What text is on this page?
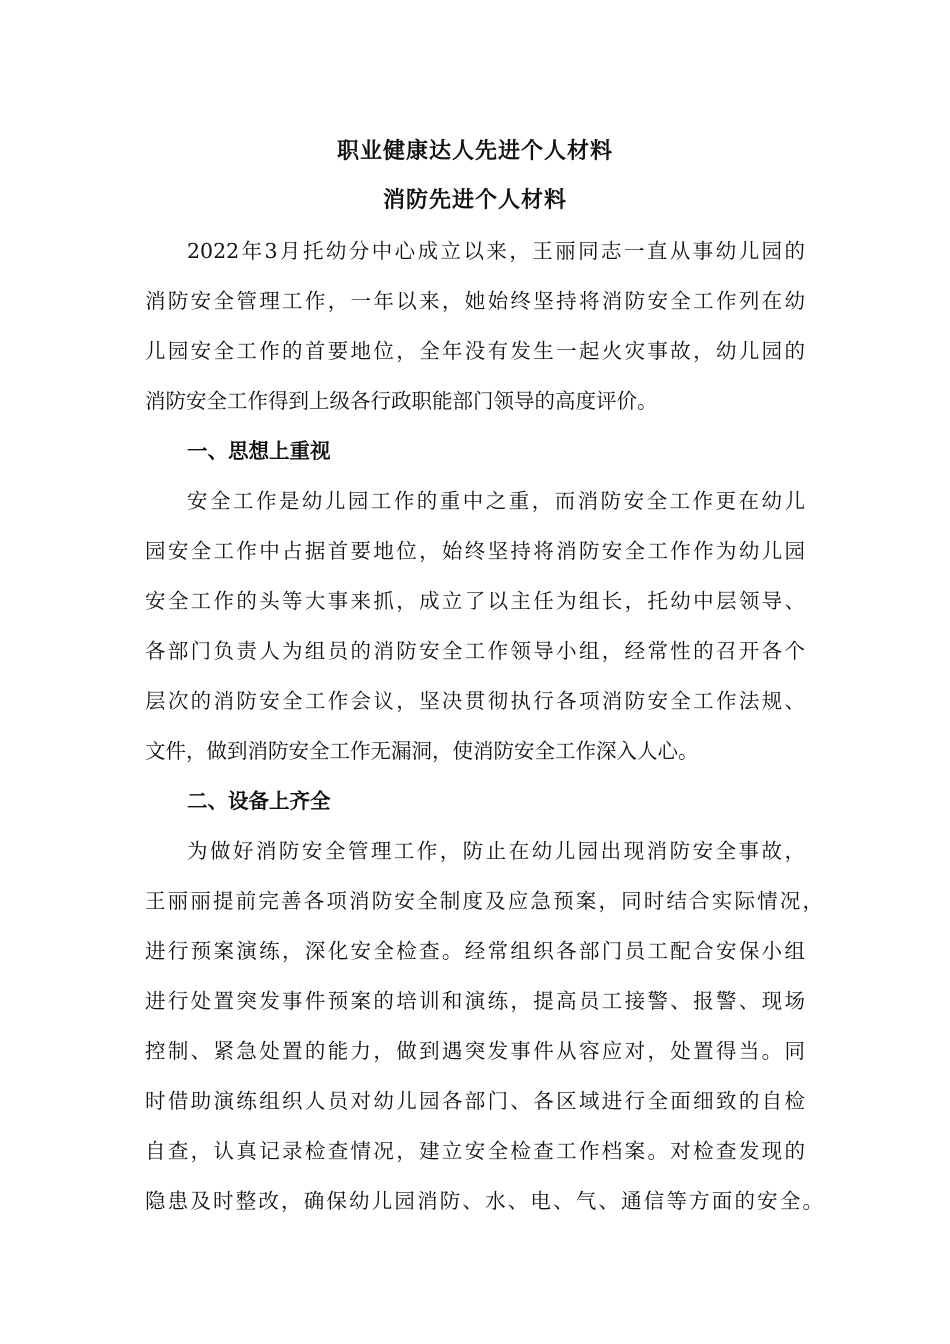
职业健康达人先进个人材料
消防先进个人材料
2022年3月托幼分中心成立以来，王丽同志一直从事幼儿园的
消防安全管理工作，一年以来，她始终坚持将消防安全工作列在幼
儿园安全工作的首要地位，全年没有发生一起火灾事故，幼儿园的
消防安全工作得到上级各行政职能部门领导的高度评价。
一、思想上重视
安全工作是幼儿园工作的重中之重，而消防安全工作更在幼儿
园安全工作中占据首要地位，始终坚持将消防安全工作作为幼儿园
安全工作的头等大事来抓，成立了以主任为组长，托幼中层领导、
各部门负责人为组员的消防安全工作领导小组，经常性的召开各个
层次的消防安全工作会议，坚决贯彻执行各项消防安全工作法规、
文件，做到消防安全工作无漏洞，使消防安全工作深入人心。
二、设备上齐全
为做好消防安全管理工作，防止在幼儿园出现消防安全事故，
王丽丽提前完善各项消防安全制度及应急预案，同时结合实际情况，
进行预案演练，深化安全检查。经常组织各部门员工配合安保小组
进行处置突发事件预案的培训和演练，提高员工接警、报警、现场
控制、紧急处置的能力，做到遇突发事件从容应对，处置得当。同
时借助演练组织人员对幼儿园各部门、各区域进行全面细致的自检
自查，认真记录检查情况，建立安全检查工作档案。对检查发现的
隐患及时整改，确保幼儿园消防、水、电、气、通信等方面的安全。
